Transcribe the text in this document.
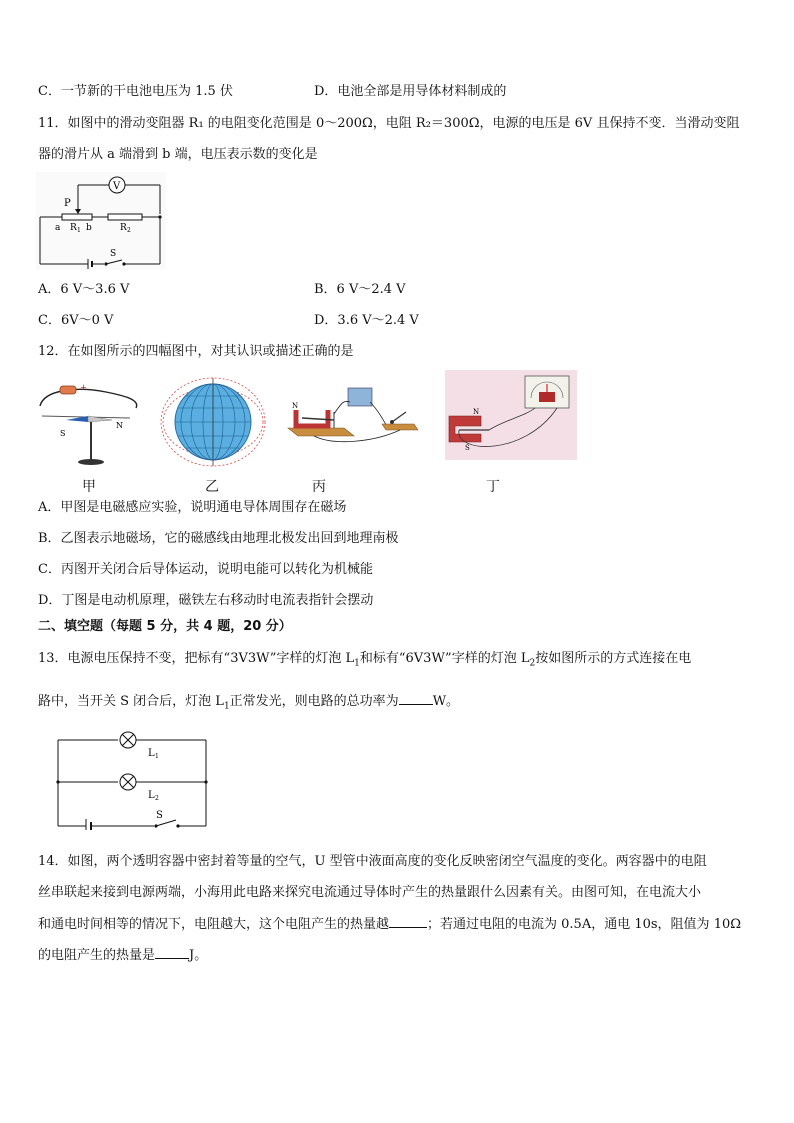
C．一节新的干电池电压为 1.5 伏	D．电池全部是用导体材料制成的
11．如图中的滑动变阻器 R₁ 的电阻变化范围是 0～200Ω，电阻 R₂＝300Ω，电源的电压是 6V 且保持不变．当滑动变阻
器的滑片从 a 端滑到 b 端，电压表示数的变化是
V
P
a R 1 b	R 2
S
A．6 V～3.6 V	B．6 V～2.4 V
C．6V～0 V	D．3.6 V～2.4 V
12．在如图所示的四幅图中，对其认识或描述正确的是
+
S
N
N
N
S
甲	乙	丙	丁
A．甲图是电磁感应实验，说明通电导体周围存在磁场
B．乙图表示地磁场，它的磁感线由地理北极发出回到地理南极
C．丙图开关闭合后导体运动，说明电能可以转化为机械能
D．丁图是电动机原理，磁铁左右移动时电流表指针会摆动
二、填空题（每题 5 分，共 4 题，20 分）
13．电源电压保持不变，把标有“3V3W”字样的灯泡 $L_1$和标有“6V3W”字样的灯泡 $L_2$按如图所示的方式连接在电
路中，当开关 S 闭合后，灯泡 $L_1$正常发光，则电路的总功率为	W。
L 1
L 2
S
14．如图，两个透明容器中密封着等量的空气，U 型管中液面高度的变化反映密闭空气温度的变化。两容器中的电阻
丝串联起来接到电源两端，小海用此电路来探究电流通过导体时产生的热量跟什么因素有关。由图可知，在电流大小
和通电时间相等的情况下，电阻越大，这个电阻产生的热量越	；若通过电阻的电流为 0.5A，通电 10s，阻值为 10Ω
的电阻产生的热量是	J。
